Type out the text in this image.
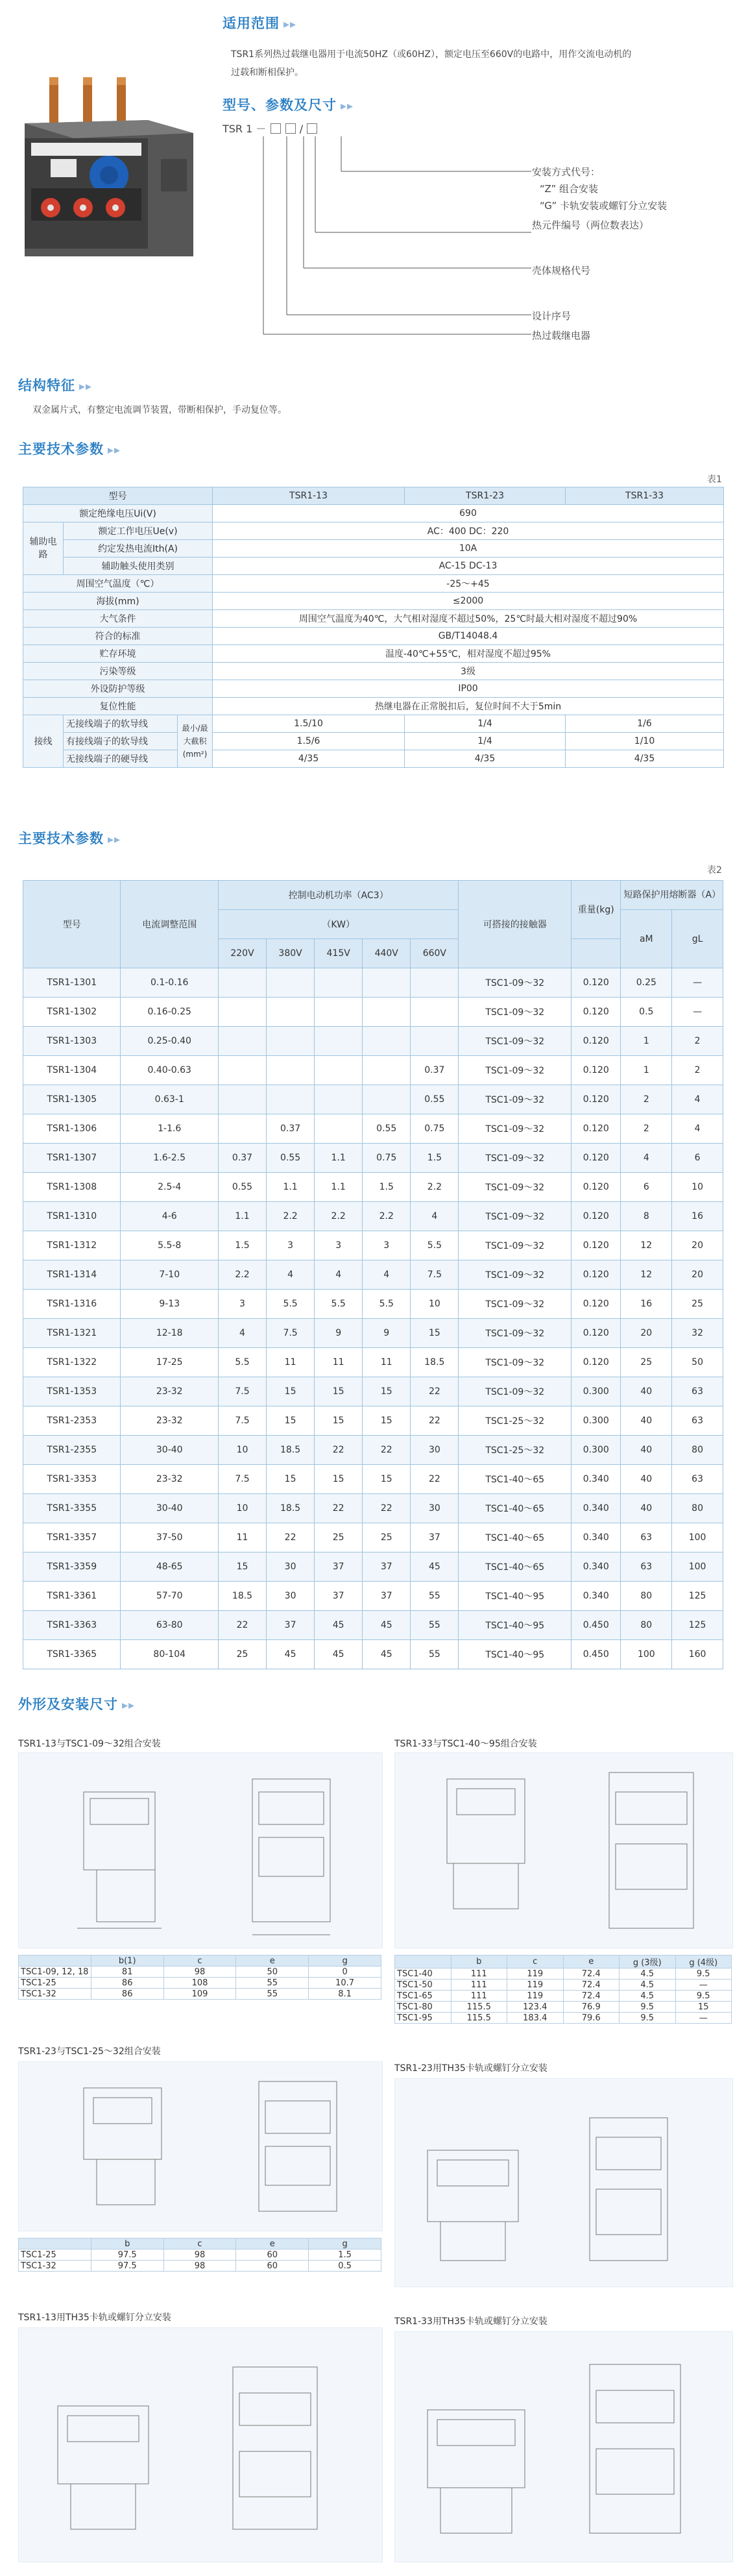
适用范围 ▸▸
TSR1系列热过载继电器用于电流50HZ（或60HZ），额定电压至660V的电路中，用作交流电动机的
过载和断相保护。
型号、参数及尺寸 ▸▸
TSR 1 －	/
安装方式代号：
“Z” 组合安装
“G” 卡轨安装或螺钉分立安装
热元件编号（两位数表达）
壳体规格代号
设计序号
热过载继电器
结构特征 ▸▸
双金属片式，有整定电流调节装置，带断相保护，手动复位等。
主要技术参数 ▸▸
表1
型号			TSR1-13	TSR1-23	TSR1-33
额定绝缘电压Ui(V)			690		
辅助电路	额定工作电压Ue(v)		AC：400 DC：220		
	约定发热电流Ith(A)		10A		
	辅助触头使用类别		AC-15 DC-13		
周围空气温度（℃）			-25～+45		
海拔(mm)			≤2000		
大气条件			周围空气温度为40℃，大气相对湿度不超过50%，25℃时最大相对湿度不超过90%		
符合的标准			GB/T14048.4		
贮存环境			温度-40℃+55℃，相对湿度不超过95%		
污染等级			3级		
外设防护等级			IP00		
复位性能			热继电器在正常脱扣后，复位时间不大于5min		
接线	无接线端子的软导线	最小/最大截积(mm²)	1.5/10	1/4	1/6
	有接线端子的软导线		1.5/6	1/4	1/10
	无接线端子的硬导线		4/35	4/35	4/35
主要技术参数 ▸▸
表2
型号	电流调整范围	控制电动机功率（AC3）					可搭接的接触器	重量(kg)	短路保护用熔断器（A）	
		（KW）							aM	gL
		220V	380V	415V	440V	660V				
TSR1-1301	0.1-0.16						TSC1-09～32	0.120	0.25	—
TSR1-1302	0.16-0.25						TSC1-09～32	0.120	0.5	—
TSR1-1303	0.25-0.40						TSC1-09～32	0.120	1	2
TSR1-1304	0.40-0.63					0.37	TSC1-09～32	0.120	1	2
TSR1-1305	0.63-1					0.55	TSC1-09～32	0.120	2	4
TSR1-1306	1-1.6		0.37		0.55	0.75	TSC1-09～32	0.120	2	4
TSR1-1307	1.6-2.5	0.37	0.55	1.1	0.75	1.5	TSC1-09～32	0.120	4	6
TSR1-1308	2.5-4	0.55	1.1	1.1	1.5	2.2	TSC1-09～32	0.120	6	10
TSR1-1310	4-6	1.1	2.2	2.2	2.2	4	TSC1-09～32	0.120	8	16
TSR1-1312	5.5-8	1.5	3	3	3	5.5	TSC1-09～32	0.120	12	20
TSR1-1314	7-10	2.2	4	4	4	7.5	TSC1-09～32	0.120	12	20
TSR1-1316	9-13	3	5.5	5.5	5.5	10	TSC1-09～32	0.120	16	25
TSR1-1321	12-18	4	7.5	9	9	15	TSC1-09～32	0.120	20	32
TSR1-1322	17-25	5.5	11	11	11	18.5	TSC1-09～32	0.120	25	50
TSR1-1353	23-32	7.5	15	15	15	22	TSC1-09～32	0.300	40	63
TSR1-2353	23-32	7.5	15	15	15	22	TSC1-25～32	0.300	40	63
TSR1-2355	30-40	10	18.5	22	22	30	TSC1-25～32	0.300	40	80
TSR1-3353	23-32	7.5	15	15	15	22	TSC1-40～65	0.340	40	63
TSR1-3355	30-40	10	18.5	22	22	30	TSC1-40～65	0.340	40	80
TSR1-3357	37-50	11	22	25	25	37	TSC1-40～65	0.340	63	100
TSR1-3359	48-65	15	30	37	37	45	TSC1-40～65	0.340	63	100
TSR1-3361	57-70	18.5	30	37	37	55	TSC1-40～95	0.340	80	125
TSR1-3363	63-80	22	37	45	45	55	TSC1-40～95	0.450	80	125
TSR1-3365	80-104	25	45	45	45	55	TSC1-40～95	0.450	100	160
外形及安装尺寸 ▸▸
TSR1-13与TSC1-09～32组合安装
	b(1)	c	e	g
TSC1-09, 12, 18	81	98	50	0
TSC1-25	86	108	55	10.7
TSC1-32	86	109	55	8.1
TSR1-33与TSC1-40～95组合安装
	b	c	e	g (3级)	g (4级)
TSC1-40	111	119	72.4	4.5	9.5
TSC1-50	111	119	72.4	4.5	—
TSC1-65	111	119	72.4	4.5	9.5
TSC1-80	115.5	123.4	76.9	9.5	15
TSC1-95	115.5	183.4	79.6	9.5	—
TSR1-23与TSC1-25～32组合安装
	b	c	e	g
TSC1-25	97.5	98	60	1.5
TSC1-32	97.5	98	60	0.5
TSR1-23用TH35卡轨或螺钉分立安装
TSR1-13用TH35卡轨或螺钉分立安装	TSR1-33用TH35卡轨或螺钉分立安装
